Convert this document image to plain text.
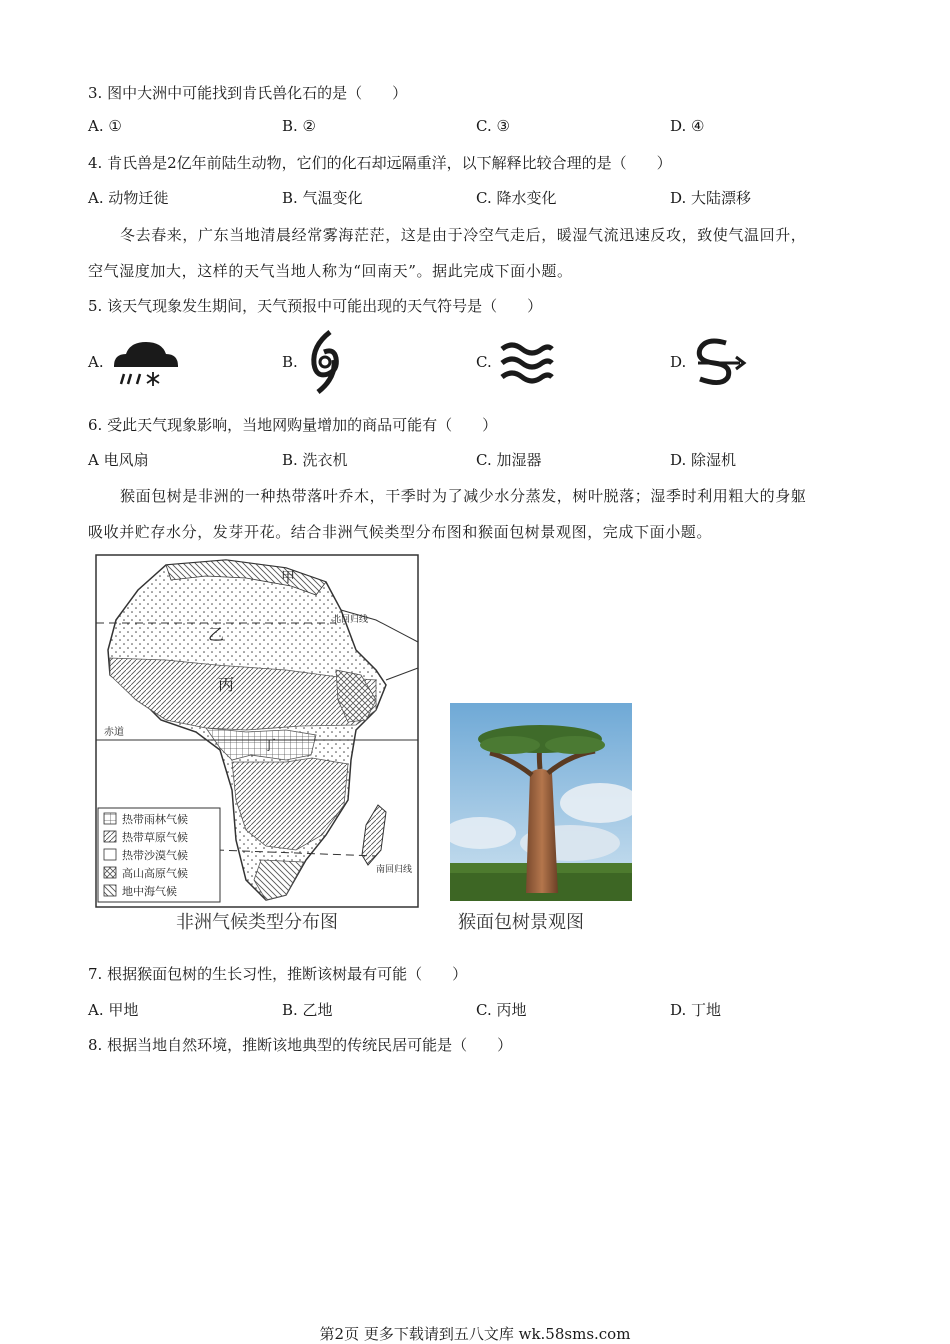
3. 图中大洲中可能找到肯氏兽化石的是（　　）
A. ①	B. ②	C. ③	D. ④
4. 肯氏兽是2亿年前陆生动物，它们的化石却远隔重洋，以下解释比较合理的是（　　）
A. 动物迁徙	B. 气温变化	C. 降水变化	D. 大陆漂移
冬去春来，广东当地清晨经常雾海茫茫，这是由于冷空气走后，暖湿气流迅速反攻，致使气温回升，
空气湿度加大，这样的天气当地人称为“回南天”。据此完成下面小题。
5. 该天气现象发生期间，天气预报中可能出现的天气符号是（　　）
A.	B.	C.	D.
6. 受此天气现象影响，当地网购量增加的商品可能有（　　）
A 电风扇	B. 洗衣机	C. 加湿器	D. 除湿机
猴面包树是非洲的一种热带落叶乔木，干季时为了减少水分蒸发，树叶脱落；湿季时利用粗大的身躯
吸收并贮存水分，发芽开花。结合非洲气候类型分布图和猴面包树景观图，完成下面小题。
甲
乙
丙
丁
北回归线
赤道
南回归线
热带雨林气候
热带草原气候
热带沙漠气候
高山高原气候
地中海气候
非洲气候类型分布图	猴面包树景观图
7. 根据猴面包树的生长习性，推断该树最有可能（　　）
A. 甲地	B. 乙地	C. 丙地	D. 丁地
8. 根据当地自然环境，推断该地典型的传统民居可能是（　　）
第2页 更多下载请到五八文库 wk.58sms.com
